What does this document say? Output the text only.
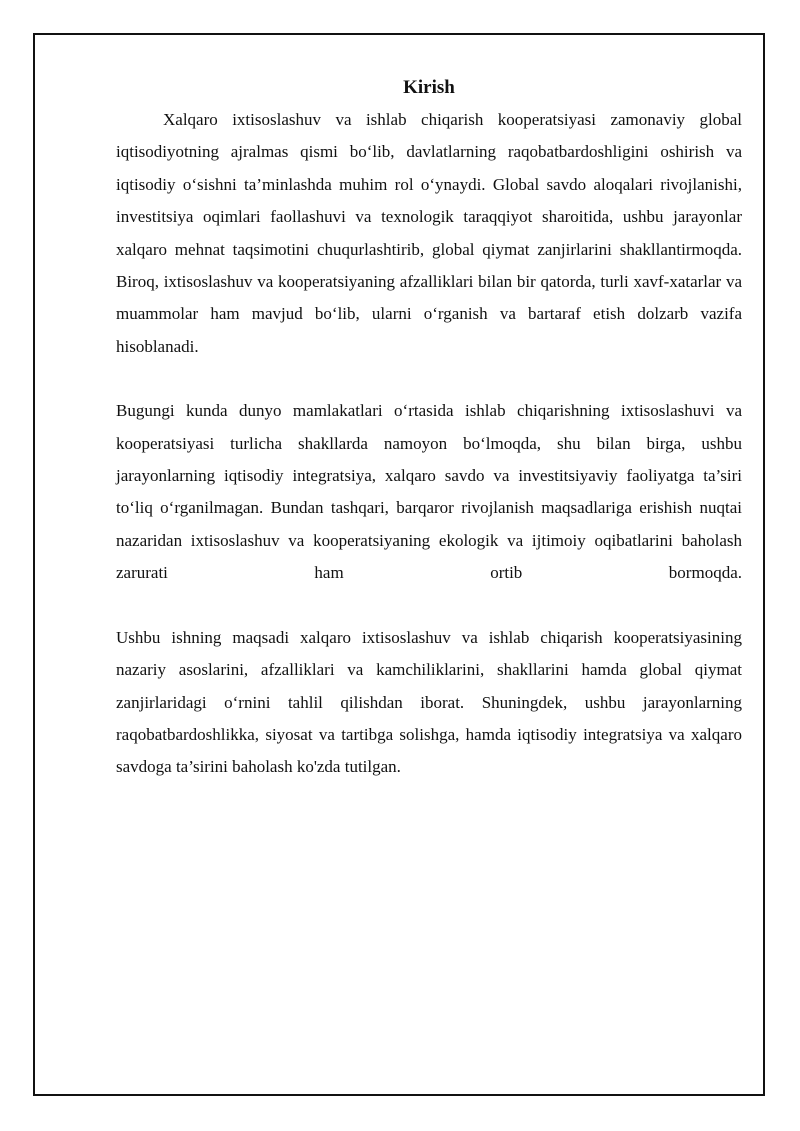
Kirish

Xalqaro ixtisoslashuv va ishlab chiqarish kooperatsiyasi zamonaviy global iqtisodiyotning ajralmas qismi bo‘lib, davlatlarning raqobatbardoshligini oshirish va iqtisodiy o‘sishni ta’minlashda muhim rol o‘ynaydi. Global savdo aloqalari rivojlanishi, investitsiya oqimlari faollashuvi va texnologik taraqqiyot sharoitida, ushbu jarayonlar xalqaro mehnat taqsimotini chuqurlashtirib, global qiymat zanjirlarini shakllantirmoqda. Biroq, ixtisoslashuv va kooperatsiyaning afzalliklari bilan bir qatorda, turli xavf-xatarlar va muammolar ham mavjud bo‘lib, ularni o‘rganish va bartaraf etish dolzarb vazifa hisoblanadi.

Bugungi kunda dunyo mamlakatlari o‘rtasida ishlab chiqarishning ixtisoslashuvi va kooperatsiyasi turlicha shakllarda namoyon bo‘lmoqda, shu bilan birga, ushbu jarayonlarning iqtisodiy integratsiya, xalqaro savdo va investitsiyaviy faoliyatga ta’siri to‘liq o‘rganilmagan. Bundan tashqari, barqaror rivojlanish maqsadlariga erishish nuqtai nazaridan ixtisoslashuv va kooperatsiyaning ekologik va ijtimoiy oqibatlarini baholash zarurati ham ortib bormoqda.

Ushbu ishning maqsadi xalqaro ixtisoslashuv va ishlab chiqarish kooperatsiyasining nazariy asoslarini, afzalliklari va kamchiliklarini, shakllarini hamda global qiymat zanjirlaridagi o‘rnini tahlil qilishdan iborat. Shuningdek, ushbu jarayonlarning raqobatbardoshlikka, siyosat va tartibga solishga, hamda iqtisodiy integratsiya va xalqaro savdoga ta’sirini baholash ko'zda tutilgan.
